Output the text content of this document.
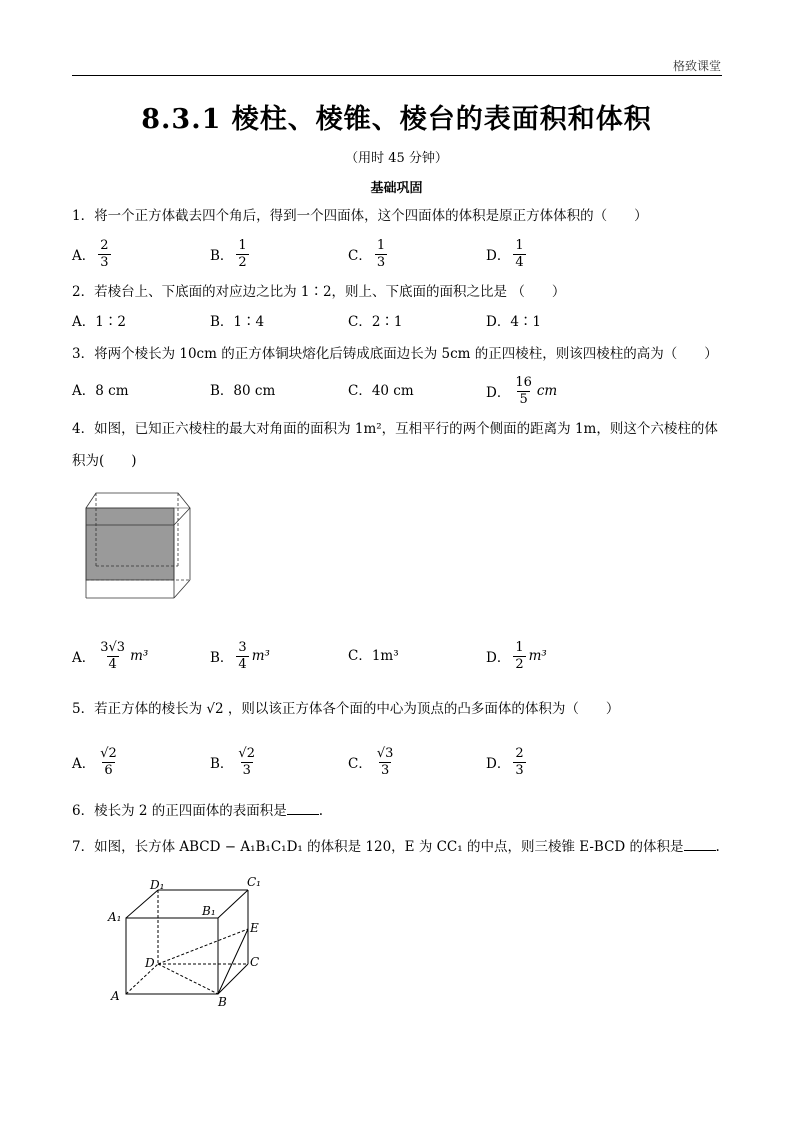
格致课堂
8.3.1 棱柱、棱锥、棱台的表面积和体积
（用时 45 分钟）
基础巩固
1．将一个正方体截去四个角后，得到一个四面体，这个四面体的体积是原正方体体积的（　　）
A． $\frac{2}{3}$	B． $\frac{1}{2}$	C． $\frac{1}{3}$	D． $\frac{1}{4}$
2．若棱台上、下底面的对应边之比为 1∶2，则上、下底面的面积之比是 （　　）
A．1∶2	B．1∶4	C．2∶1	D．4∶1
3．将两个棱长为 10cm 的正方体铜块熔化后铸成底面边长为 5cm 的正四棱柱，则该四棱柱的高为（　　）
A．8 cm	B．80 cm	C．40 cm	D． $\frac{16}{5}$ cm
4．如图，已知正六棱柱的最大对角面的面积为 1m²，互相平行的两个侧面的距离为 1m，则这个六棱柱的体
积为(　　)
A． $\frac{3√3}{4} m^3$	B． $\frac{3}{4} m^3$	C．1m³	D． $\frac{1}{2} m^3$
5．若正方体的棱长为 √2 ，则以该正方体各个面的中心为顶点的凸多面体的体积为（　　）
A． $\frac{√2}{6}$	B． $\frac{√2}{3}$	C． $\frac{√3}{3}$	D． $\frac{2}{3}$
6．棱长为 2 的正四面体的表面积是 .
7．如图，长方体 ABCD − A₁B₁C₁D₁ 的体积是 120，E 为 CC₁ 的中点，则三棱锥 E-BCD 的体积是 .
D₁	C₁
A₁	B₁
E
D	C
A	B
